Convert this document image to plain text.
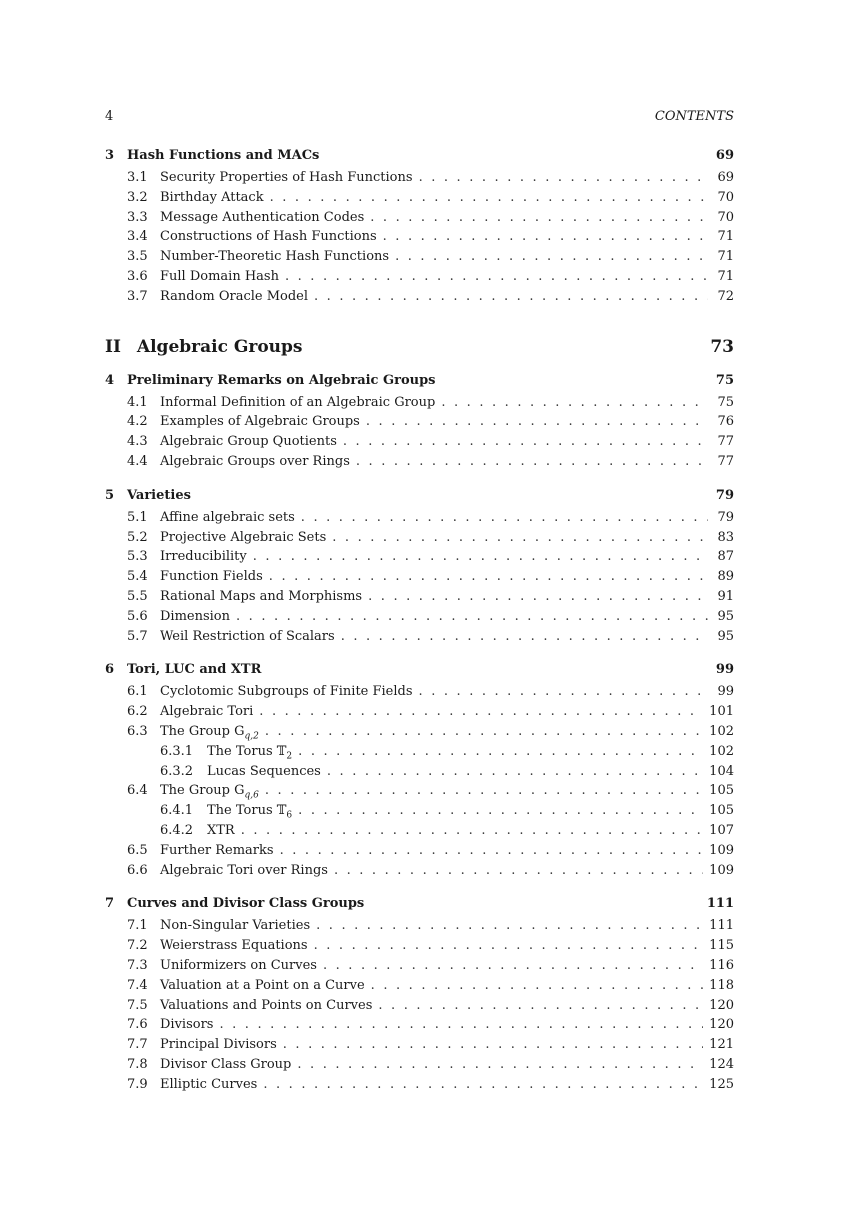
4	CONTENTS
3 Hash Functions and MACs	69
3.1 Security Properties of Hash Functions . . .	69
3.2 Birthday Attack . . .	70
3.3 Message Authentication Codes . . .	70
3.4 Constructions of Hash Functions . . .	71
3.5 Number-Theoretic Hash Functions . . .	71
3.6 Full Domain Hash . . .	71
3.7 Random Oracle Model . . .	72
II Algebraic Groups	73
4 Preliminary Remarks on Algebraic Groups	75
4.1 Informal Definition of an Algebraic Group . . .	75
4.2 Examples of Algebraic Groups . . .	76
4.3 Algebraic Group Quotients . . .	77
4.4 Algebraic Groups over Rings . . .	77
5 Varieties	79
5.1 Affine algebraic sets . . .	79
5.2 Projective Algebraic Sets . . .	83
5.3 Irreducibility . . .	87
5.4 Function Fields . . .	89
5.5 Rational Maps and Morphisms . . .	91
5.6 Dimension . . .	95
5.7 Weil Restriction of Scalars . . .	95
6 Tori, LUC and XTR	99
6.1 Cyclotomic Subgroups of Finite Fields . . .	99
6.2 Algebraic Tori . . .	101
6.3 The Group $G_{q,2}$ . . .	102
6.3.1	The Torus 𝕋$_2$ . . .	102
6.3.2	Lucas Sequences . . .	104
6.4 The Group $G_{q,6}$ . . .	105
6.4.1	The Torus 𝕋$_6$ . . .	105
6.4.2	XTR . . .	107
6.5 Further Remarks . . .	109
6.6 Algebraic Tori over Rings . . .	109
7 Curves and Divisor Class Groups	111
7.1 Non-Singular Varieties . . .	111
7.2 Weierstrass Equations . . .	115
7.3 Uniformizers on Curves . . .	116
7.4 Valuation at a Point on a Curve . . .	118
7.5 Valuations and Points on Curves . . .	120
7.6 Divisors . . .	120
7.7 Principal Divisors . . .	121
7.8 Divisor Class Group . . .	124
7.9 Elliptic Curves . . .	125
